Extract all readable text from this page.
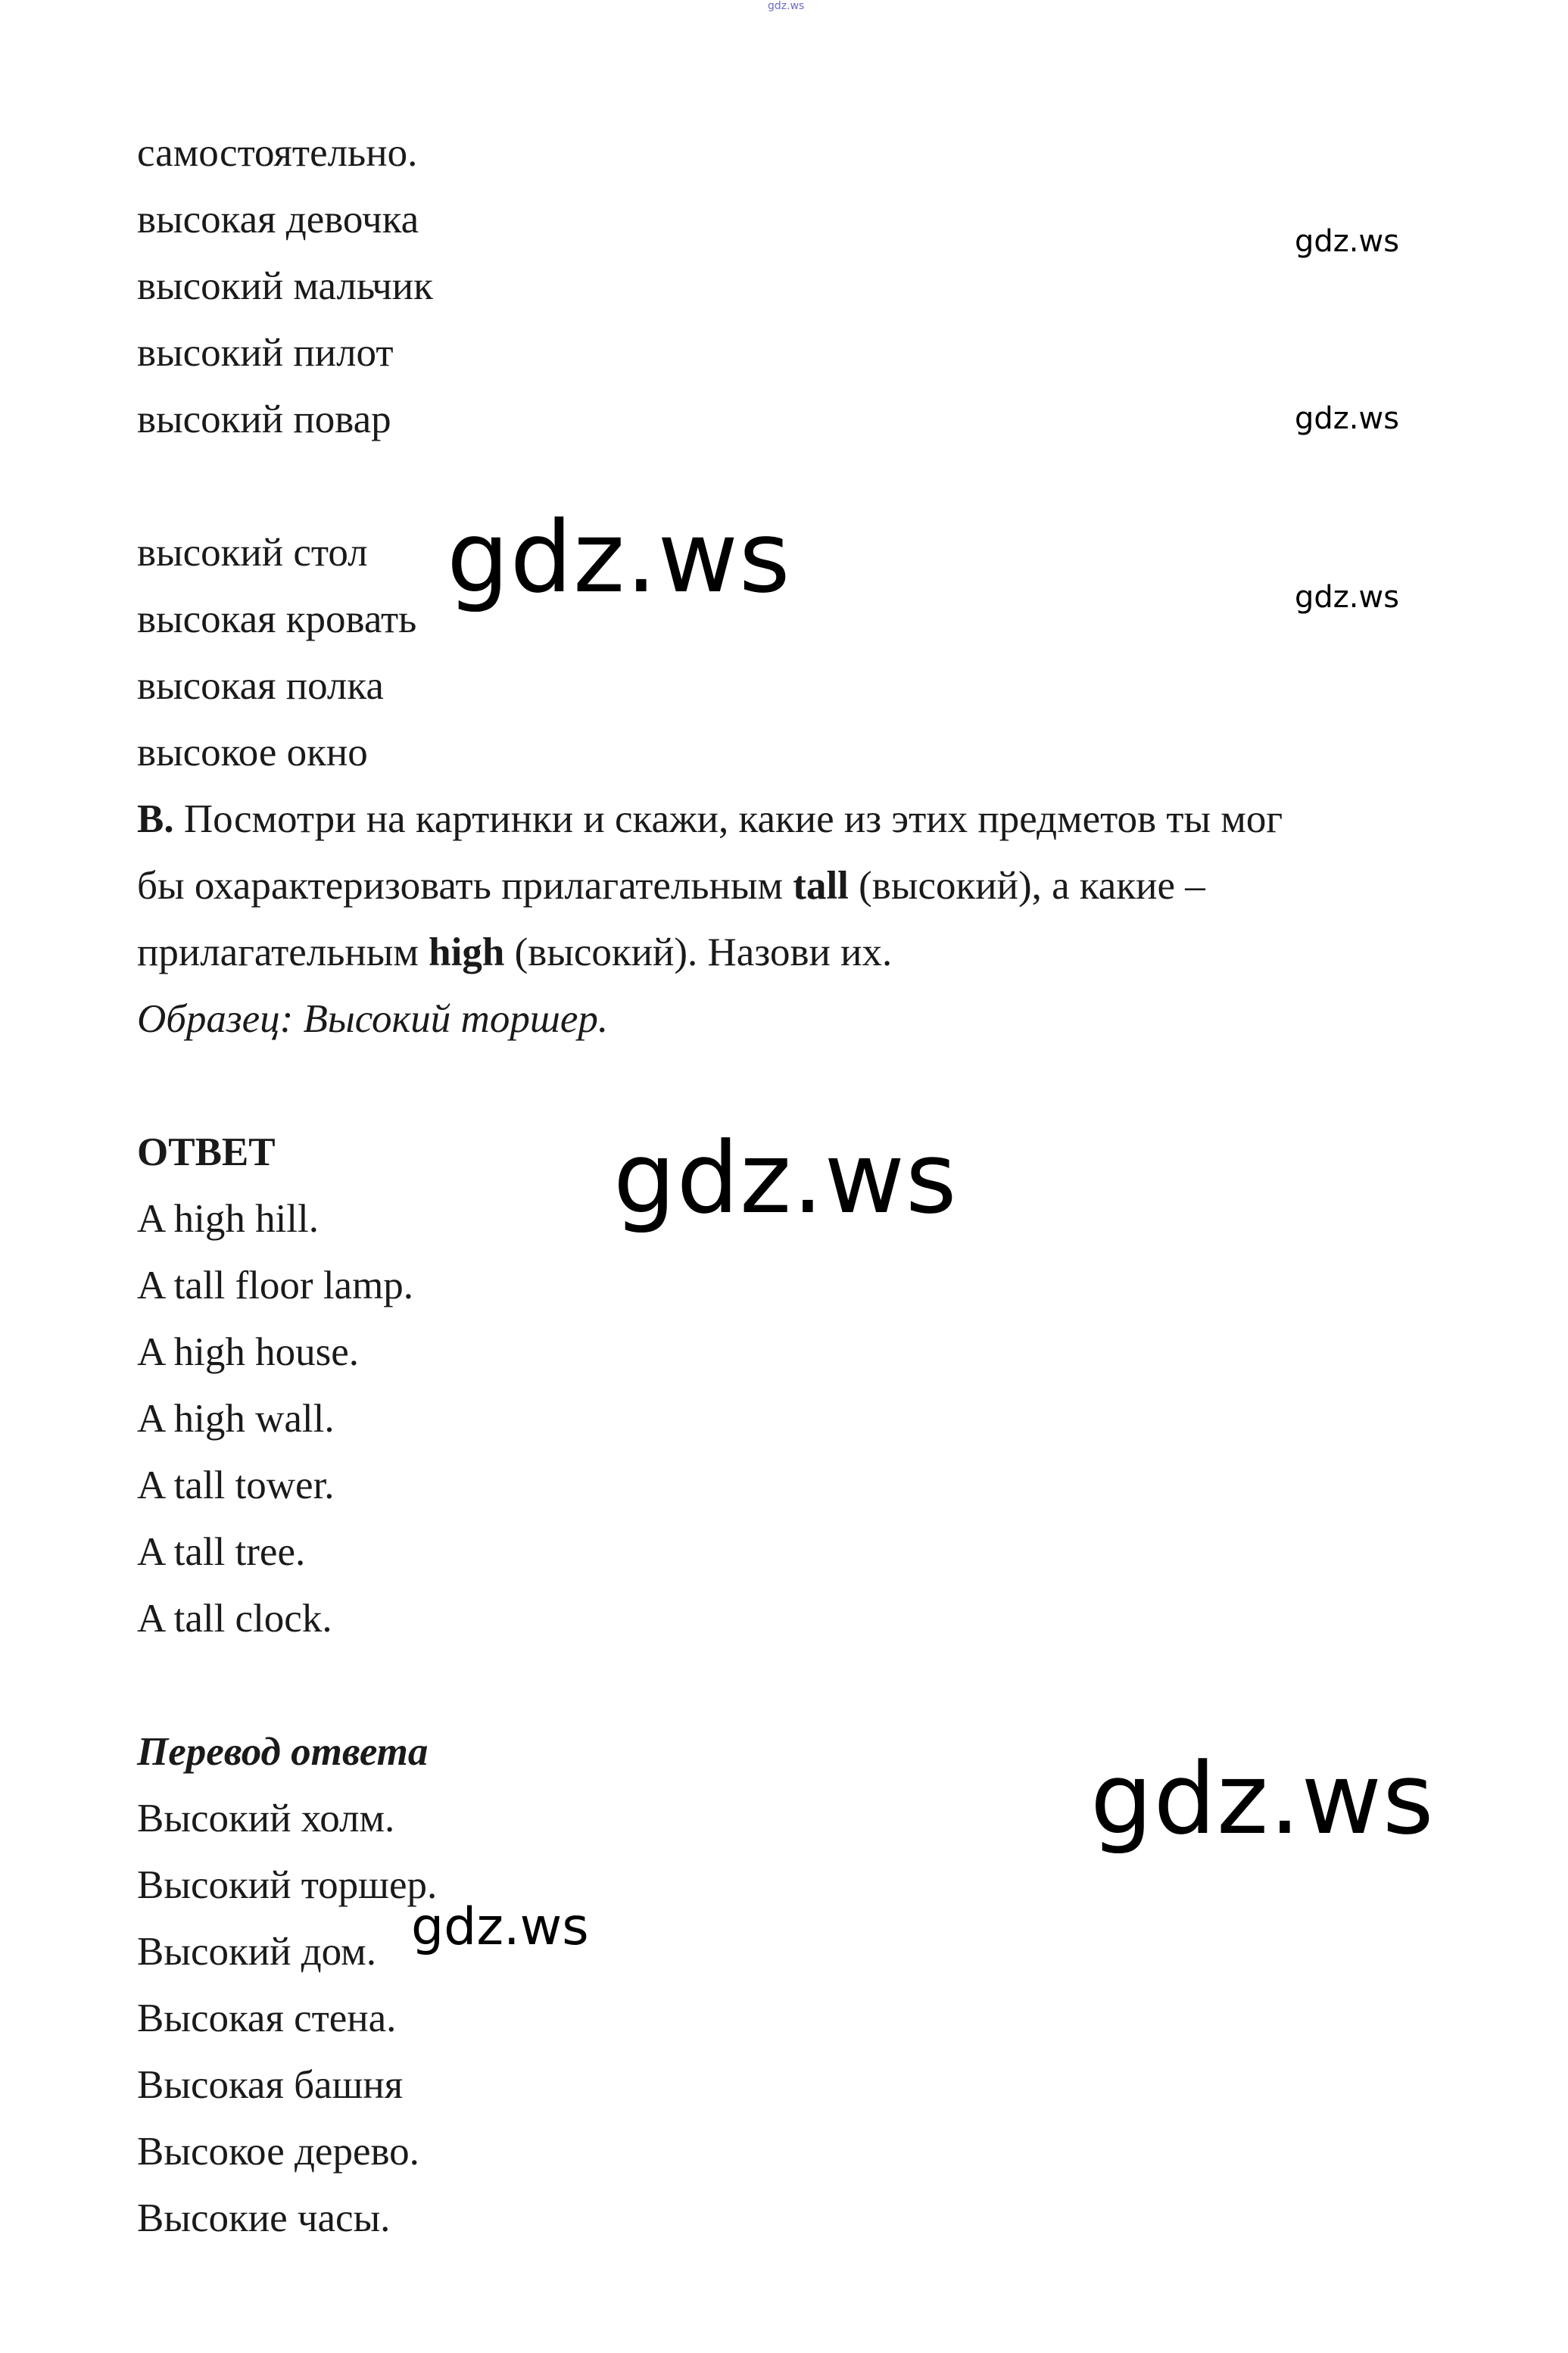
gdz.ws
самостоятельно.
высокая девочка
высокий мальчик
высокий пилот
высокий повар
высокий стол
высокая кровать
высокая полка
высокое окно
B. Посмотри на картинки и скажи, какие из этих предметов ты мог
бы охарактеризовать прилагательным tall (высокий), а какие –
прилагательным high (высокий). Назови их.
Образец: Высокий торшер.
ОТВЕТ
A high hill.
A tall floor lamp.
A high house.
A high wall.
A tall tower.
A tall tree.
A tall clock.
Перевод ответа
Высокий холм.
Высокий торшер.
Высокий дом.
Высокая стена.
Высокая башня
Высокое дерево.
Высокие часы.
gdz.ws
gdz.ws
gdz.ws
gdz.ws
gdz.ws
gdz.ws
gdz.ws
